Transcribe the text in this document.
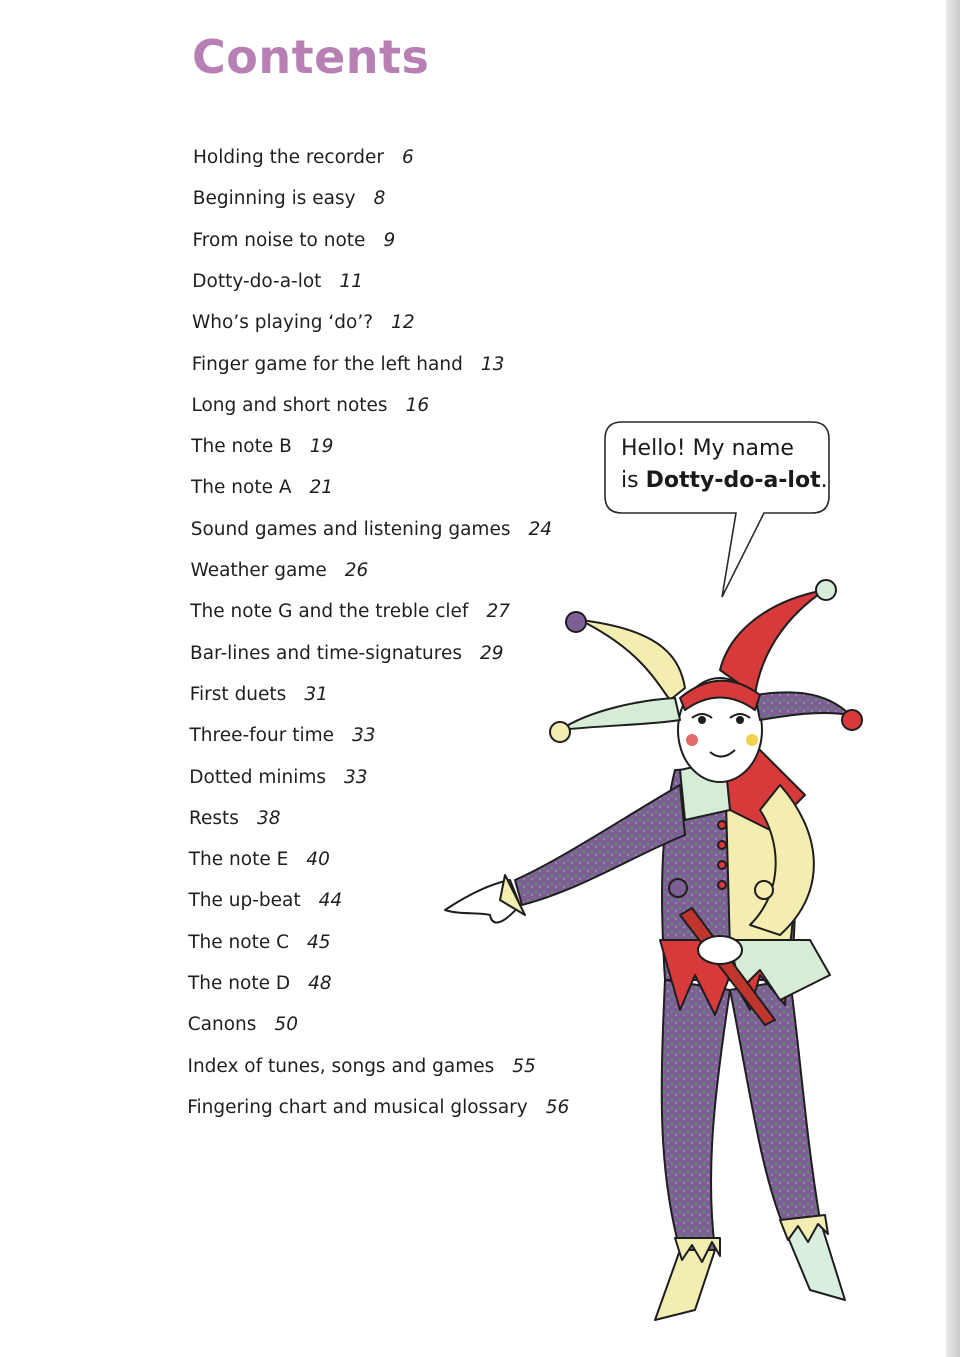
Contents
Holding the recorder 6
Beginning is easy 8
From noise to note 9
Dotty-do-a-lot 11
Who’s playing ‘do’? 12
Finger game for the left hand 13
Long and short notes 16
The note B 19
The note A 21
Sound games and listening games 24
Weather game 26
The note G and the treble clef 27
Bar-lines and time-signatures 29
First duets 31
Three-four time 33
Dotted minims 33
Rests 38
The note E 40
The up-beat 44
The note C 45
The note D 48
Canons 50
Index of tunes, songs and games 55
Fingering chart and musical glossary 56
Hello! My name
is Dotty-do-a-lot.
